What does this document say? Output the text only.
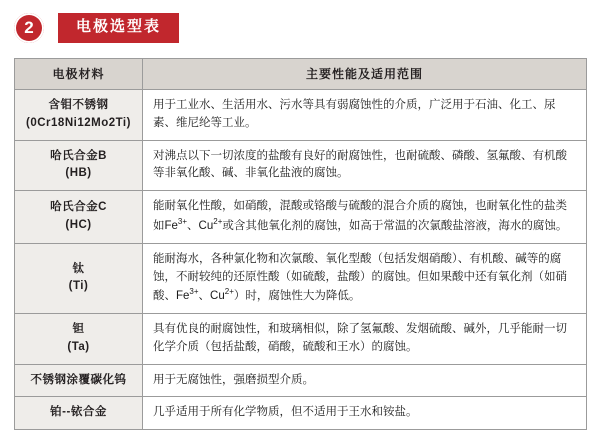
2	电极选型表
电极材料	主要性能及适用范围
含钼不锈钢
(0Cr18Ni12Mo2Ti)	用于工业水、生活用水、污水等具有弱腐蚀性的介质，广泛用于石油、化工、尿素、维尼纶等工业。
哈氏合金B
(HB)	对沸点以下一切浓度的盐酸有良好的耐腐蚀性，也耐硫酸、磷酸、氢氟酸、有机酸等非氧化酸、碱、非氧化盐液的腐蚀。
哈氏合金C
(HC)	能耐氧化性酸，如硝酸，混酸或铬酸与硫酸的混合介质的腐蚀，也耐氧化性的盐类如$Fe^{3+}$、$Cu^{2+}$或含其他氧化剂的腐蚀，如高于常温的次氯酸盐溶液，海水的腐蚀。
钛
(Ti)	能耐海水，各种氯化物和次氯酸、氧化型酸（包括发烟硝酸）、有机酸、碱等的腐蚀，不耐较纯的还原性酸（如硫酸，盐酸）的腐蚀。但如果酸中还有氧化剂（如硝酸、$Fe^{3+}$、$Cu^{2+}$）时，腐蚀性大为降低。
钽
(Ta)	具有优良的耐腐蚀性，和玻璃相似，除了氢氟酸、发烟硫酸、碱外，几乎能耐一切化学介质（包括盐酸，硝酸，硫酸和王水）的腐蚀。
不锈钢涂覆碳化钨	用于无腐蚀性，强磨损型介质。
铂--铱合金	几乎适用于所有化学物质，但不适用于王水和铵盐。
